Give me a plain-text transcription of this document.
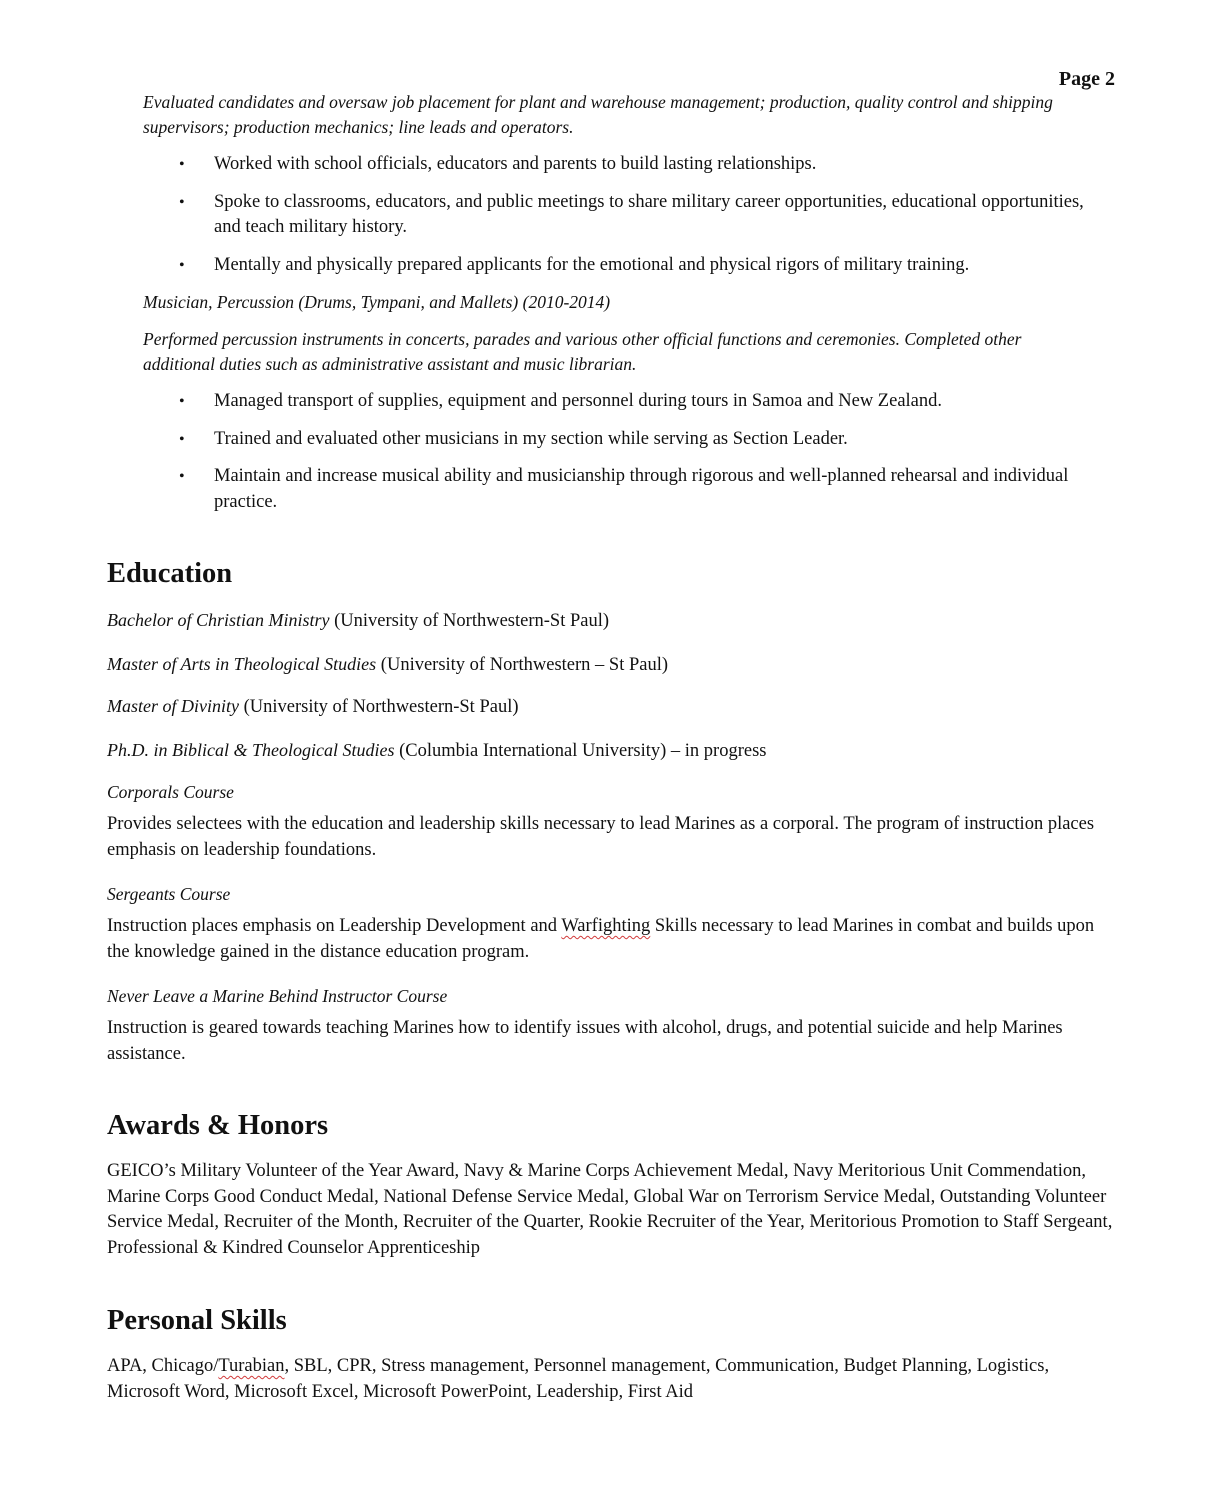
Page 2

Evaluated candidates and oversaw job placement for plant and warehouse management; production, quality control and shipping supervisors; production mechanics; line leads and operators.

• Worked with school officials, educators and parents to build lasting relationships.
• Spoke to classrooms, educators, and public meetings to share military career opportunities, educational opportunities, and teach military history.
• Mentally and physically prepared applicants for the emotional and physical rigors of military training.

Musician, Percussion (Drums, Tympani, and Mallets) (2010-2014)

Performed percussion instruments in concerts, parades and various other official functions and ceremonies. Completed other additional duties such as administrative assistant and music librarian.

• Managed transport of supplies, equipment and personnel during tours in Samoa and New Zealand.
• Trained and evaluated other musicians in my section while serving as Section Leader.
• Maintain and increase musical ability and musicianship through rigorous and well-planned rehearsal and individual practice.
Education

Bachelor of Christian Ministry (University of Northwestern-St Paul)

Master of Arts in Theological Studies (University of Northwestern – St Paul)

Master of Divinity (University of Northwestern-St Paul)

Ph.D. in Biblical & Theological Studies (Columbia International University) – in progress

Corporals Course

Provides selectees with the education and leadership skills necessary to lead Marines as a corporal. The program of instruction places emphasis on leadership foundations.

Sergeants Course

Instruction places emphasis on Leadership Development and Warfighting Skills necessary to lead Marines in combat and builds upon the knowledge gained in the distance education program.

Never Leave a Marine Behind Instructor Course

Instruction is geared towards teaching Marines how to identify issues with alcohol, drugs, and potential suicide and help Marines assistance.

Awards & Honors

GEICO’s Military Volunteer of the Year Award, Navy & Marine Corps Achievement Medal, Navy Meritorious Unit Commendation, Marine Corps Good Conduct Medal, National Defense Service Medal, Global War on Terrorism Service Medal, Outstanding Volunteer Service Medal, Recruiter of the Month, Recruiter of the Quarter, Rookie Recruiter of the Year, Meritorious Promotion to Staff Sergeant, Professional & Kindred Counselor Apprenticeship

Personal Skills

APA, Chicago/Turabian, SBL, CPR, Stress management, Personnel management, Communication, Budget Planning, Logistics, Microsoft Word, Microsoft Excel, Microsoft PowerPoint, Leadership, First Aid
